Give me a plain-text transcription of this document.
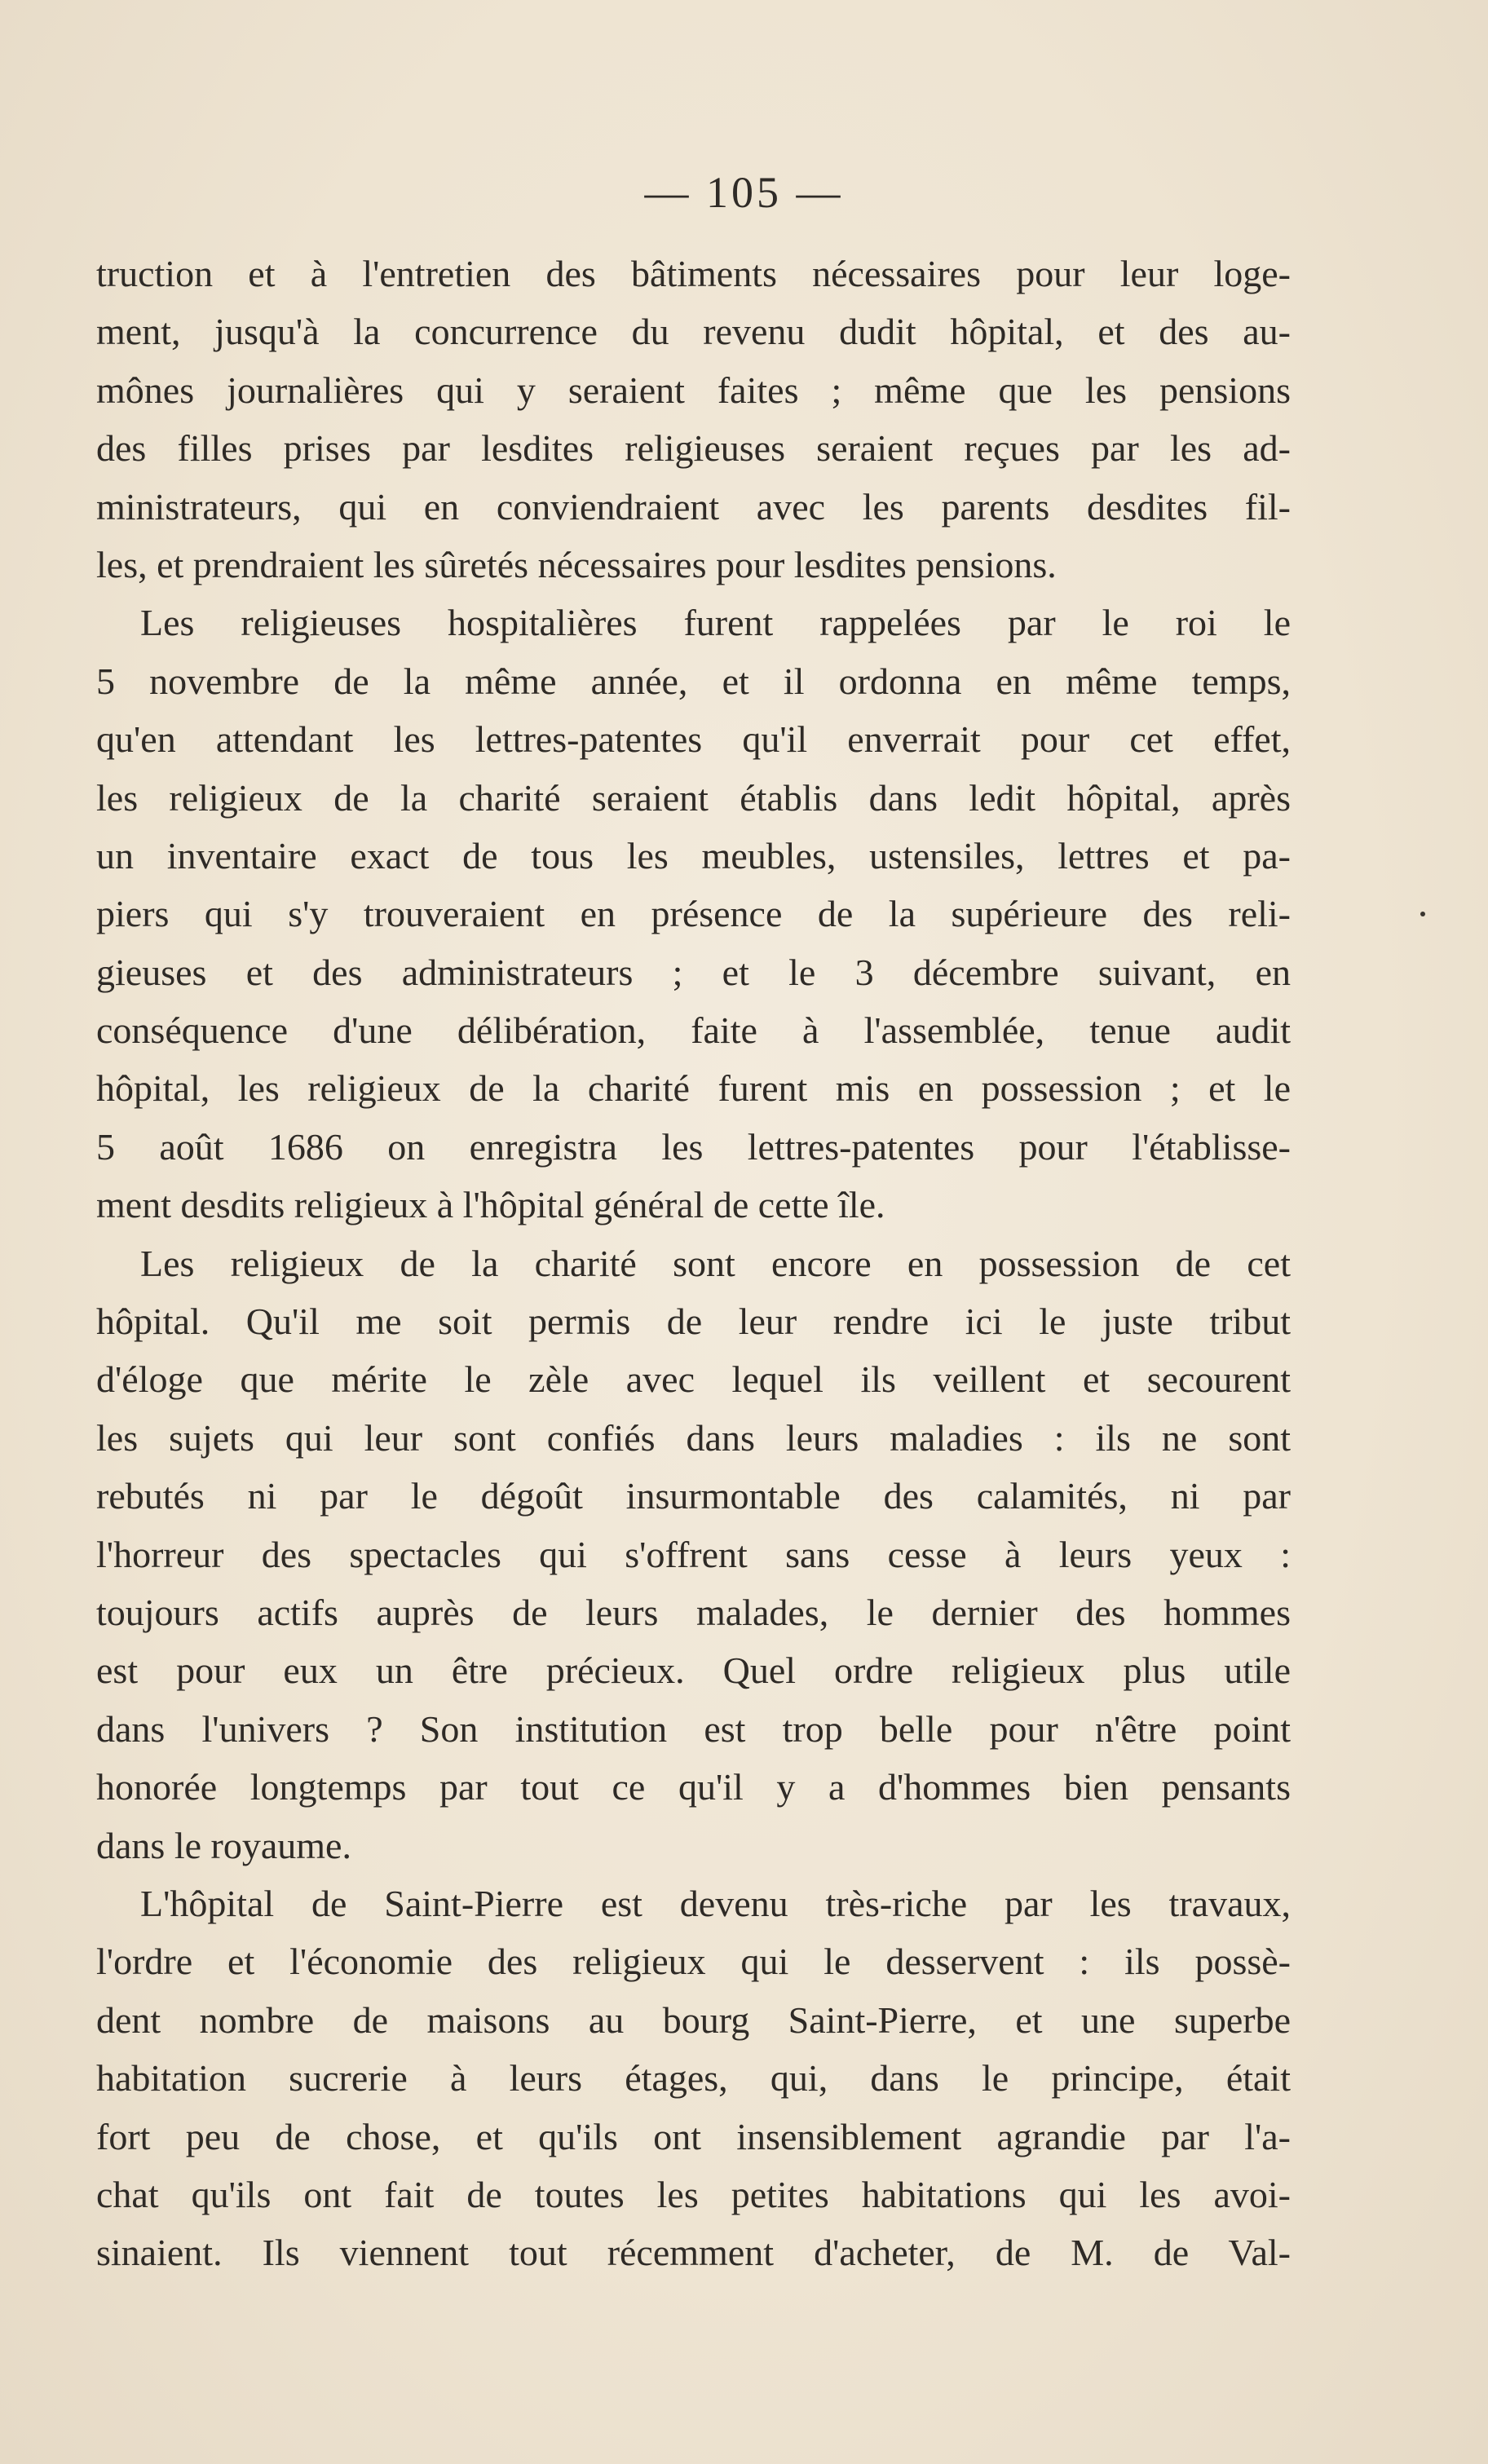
— 105 —
truction et à l'entretien des bâtiments nécessaires pour leur loge-
ment, jusqu'à la concurrence du revenu dudit hôpital, et des au-
mônes journalières qui y seraient faites ; même que les pensions
des filles prises par lesdites religieuses seraient reçues par les ad-
ministrateurs, qui en conviendraient avec les parents desdites fil-
les, et prendraient les sûretés nécessaires pour lesdites pensions.
Les religieuses hospitalières furent rappelées par le roi le
5 novembre de la même année, et il ordonna en même temps,
qu'en attendant les lettres-patentes qu'il enverrait pour cet effet,
les religieux de la charité seraient établis dans ledit hôpital, après
un inventaire exact de tous les meubles, ustensiles, lettres et pa-
piers qui s'y trouveraient en présence de la supérieure des reli-
gieuses et des administrateurs ; et le 3 décembre suivant, en
conséquence d'une délibération, faite à l'assemblée, tenue audit
hôpital, les religieux de la charité furent mis en possession ; et le
5 août 1686 on enregistra les lettres-patentes pour l'établisse-
ment desdits religieux à l'hôpital général de cette île.
Les religieux de la charité sont encore en possession de cet
hôpital. Qu'il me soit permis de leur rendre ici le juste tribut
d'éloge que mérite le zèle avec lequel ils veillent et secourent
les sujets qui leur sont confiés dans leurs maladies : ils ne sont
rebutés ni par le dégoût insurmontable des calamités, ni par
l'horreur des spectacles qui s'offrent sans cesse à leurs yeux :
toujours actifs auprès de leurs malades, le dernier des hommes
est pour eux un être précieux. Quel ordre religieux plus utile
dans l'univers ? Son institution est trop belle pour n'être point
honorée longtemps par tout ce qu'il y a d'hommes bien pensants
dans le royaume.
L'hôpital de Saint-Pierre est devenu très-riche par les travaux,
l'ordre et l'économie des religieux qui le desservent : ils possè-
dent nombre de maisons au bourg Saint-Pierre, et une superbe
habitation sucrerie à leurs étages, qui, dans le principe, était
fort peu de chose, et qu'ils ont insensiblement agrandie par l'a-
chat qu'ils ont fait de toutes les petites habitations qui les avoi-
sinaient. Ils viennent tout récemment d'acheter, de M. de Val-
